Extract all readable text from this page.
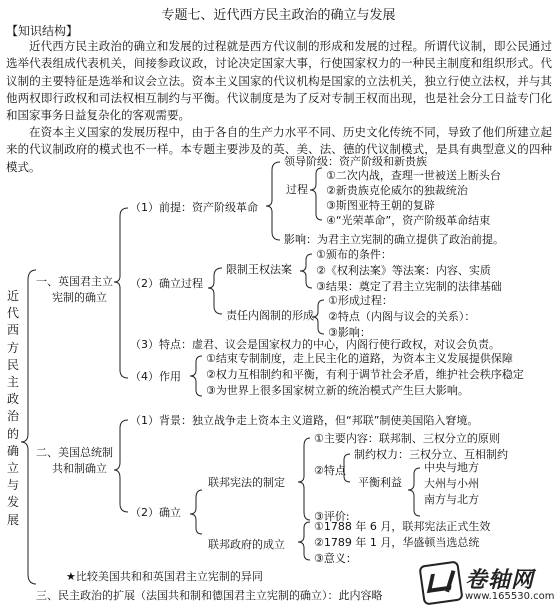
专题七、近代西方民主政治的确立与发展
【知识结构】
近代西方民主政治的确立和发展的过程就是西方代议制的形成和发展的过程。所谓代议制，即公民通过选举代表组成代表机关，间接参政议政，讨论决定国家大事，行使国家权力的一种民主制度和组织形式。代议制的主要特征是选举和议会立法。资本主义国家的代议机构是国家的立法机关，独立行使立法权，并与其他两权即行政权和司法权相互制约与平衡。代议制度是为了反对专制王权而出现，也是社会分工日益专门化和国家事务日益复杂化的客观需要。
在资本主义国家的发展历程中，由于各自的生产力水平不同、历史文化传统不同，导致了他们所建立起来的代议制政府的模式也不一样。本专题主要涉及的英、美、法、德的代议制模式，是具有典型意义的四种模式。
近代西方民主政治的确立与发展
一、英国君主立
宪制的确立
（1）前提：资产阶级革命
领导阶级：资产阶级和新贵族
过程
①二次内战，查理一世被送上断头台
②新贵族克伦威尔的独裁统治
③斯图亚特王朝的复辟
④“光荣革命”，资产阶级革命结束
影响：为君主立宪制的确立提供了政治前提。
（2）确立过程
限制王权法案
①颁布的条件：
②《权利法案》等法案：内容、实质
③结果：奠定了君主立宪制的法律基础
责任内阁制的形成
①形成过程：
②特点（内阁与议会的关系）：
③影响：
（3）特点：虚君、议会是国家权力的中心，内阁行使行政权，对议会负责。
（4）作用
①结束专制制度，走上民主化的道路，为资本主义发展提供保障
②权力互相制约和平衡，有利于调节社会矛盾，维护社会秩序稳定
③为世界上很多国家树立新的统治模式产生巨大影响。
二、美国总统制
共和制确立
（1）背景：独立战争走上资本主义道路，但“邦联”制使美国陷入窘境。
（2）确立
联邦宪法的制定
①主要内容：联邦制、三权分立的原则
②特点
制约权力：三权分立、互相制约
平衡利益
中央与地方
大州与小州
南方与北方
③评价:
联邦政府的成立
①1788 年 6 月，联邦宪法正式生效
②1789 年 1 月，华盛顿当选总统
③意义：
★比较美国共和和英国君主立宪制的异同
三、民主政治的扩展（法国共和制和德国君主立宪制的确立）：此内容略
卷轴网
www.165530.com
